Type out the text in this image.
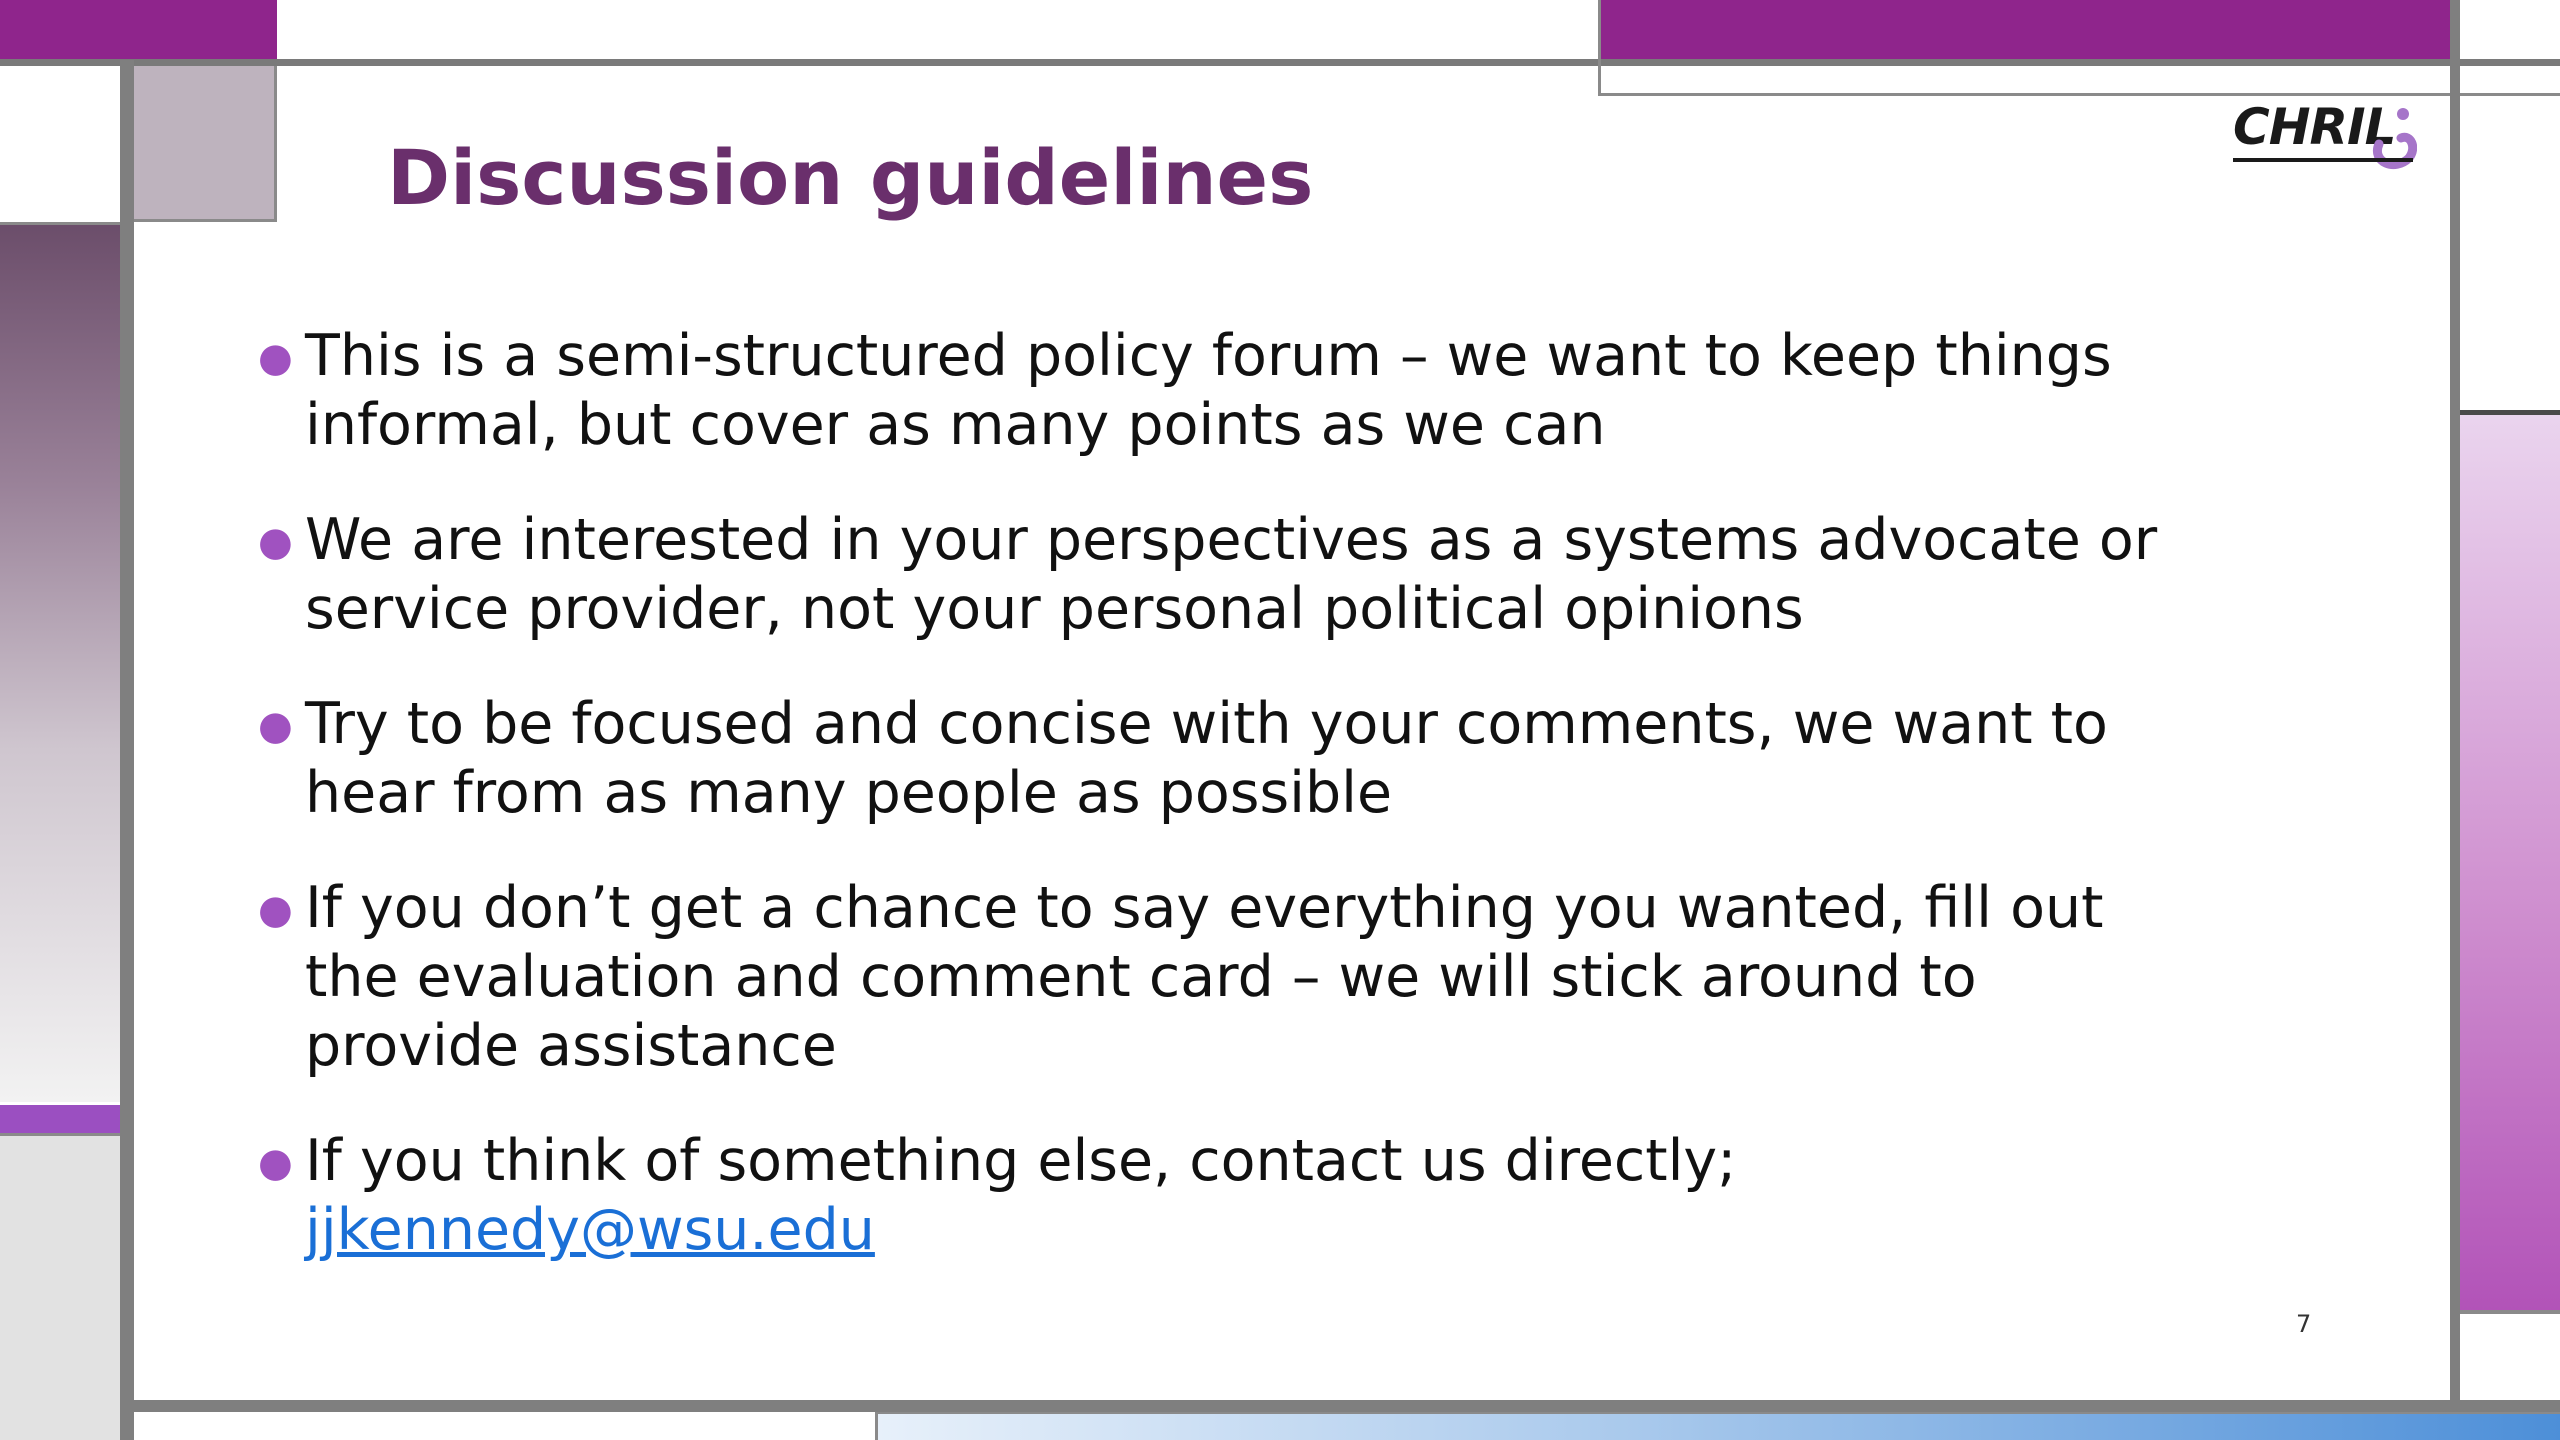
CHRIL
Discussion guidelines
● This is a semi-structured policy forum – we want to keep things
informal, but cover as many points as we can
● We are interested in your perspectives as a systems advocate or
service provider, not your personal political opinions
● Try to be focused and concise with your comments, we want to
hear from as many people as possible
● If you don’t get a chance to say everything you wanted, fill out
the evaluation and comment card – we will stick around to
provide assistance
● If you think of something else, contact us directly;
jjkennedy@wsu.edu
7
